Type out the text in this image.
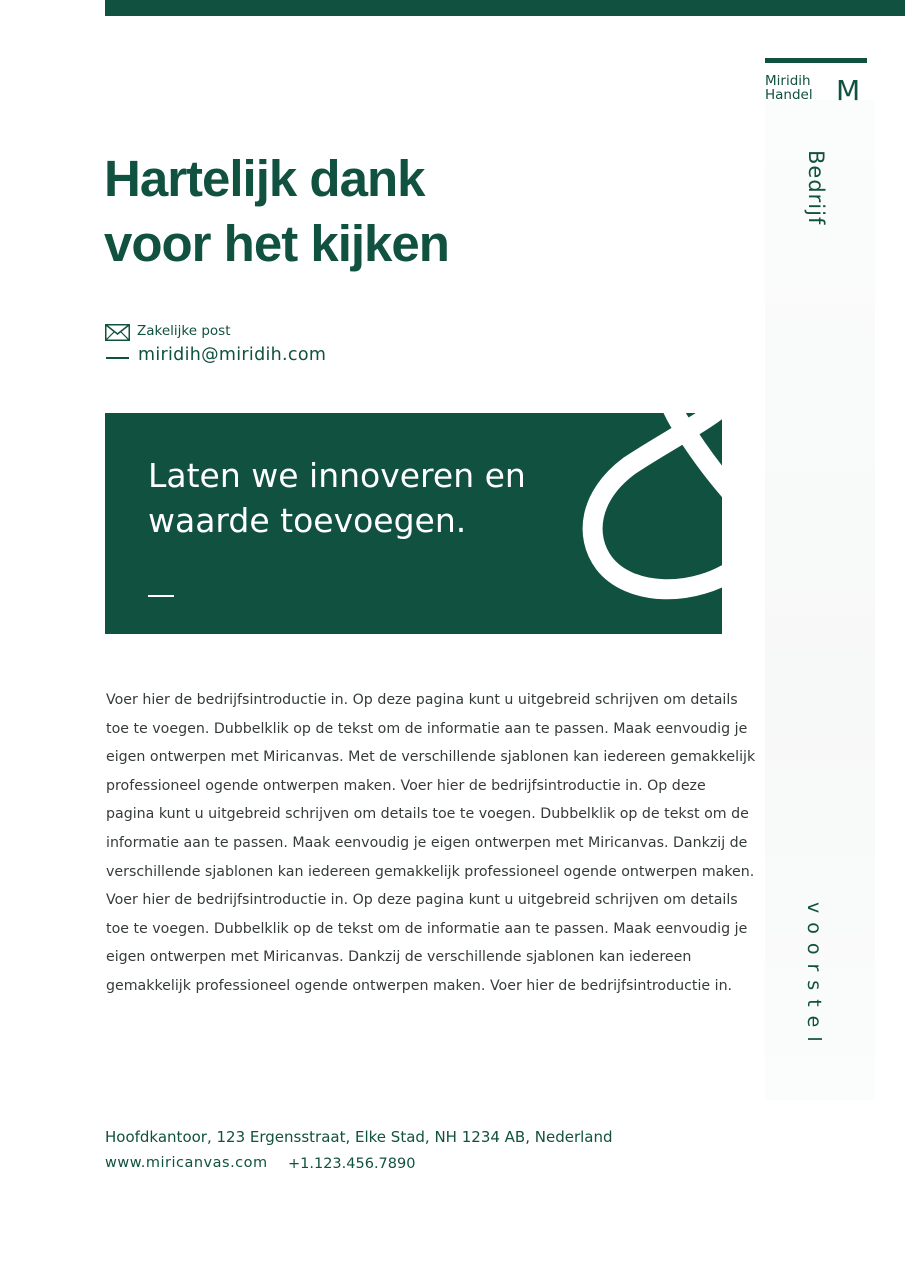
Miridih
Handel M
Bedrijf
voorstel
Hartelijk dank
voor het kijken
Zakelijke post
miridih@miridih.com
Laten we innoveren en
waarde toevoegen.

Voer hier de bedrijfsintroductie in. Op deze pagina kunt u uitgebreid schrijven om details

toe te voegen. Dubbelklik op de tekst om de informatie aan te passen. Maak eenvoudig je

eigen ontwerpen met Miricanvas. Met de verschillende sjablonen kan iedereen gemakkelijk

professioneel ogende ontwerpen maken. Voer hier de bedrijfsintroductie in. Op deze

pagina kunt u uitgebreid schrijven om details toe te voegen. Dubbelklik op de tekst om de

informatie aan te passen. Maak eenvoudig je eigen ontwerpen met Miricanvas. Dankzij de

verschillende sjablonen kan iedereen gemakkelijk professioneel ogende ontwerpen maken.

Voer hier de bedrijfsintroductie in. Op deze pagina kunt u uitgebreid schrijven om details

toe te voegen. Dubbelklik op de tekst om de informatie aan te passen. Maak eenvoudig je

eigen ontwerpen met Miricanvas. Dankzij de verschillende sjablonen kan iedereen

gemakkelijk professioneel ogende ontwerpen maken. Voer hier de bedrijfsintroductie in.

Hoofdkantoor, 123 Ergensstraat, Elke Stad, NH 1234 AB, Nederland
www.miricanvas.com +1.123.456.7890
